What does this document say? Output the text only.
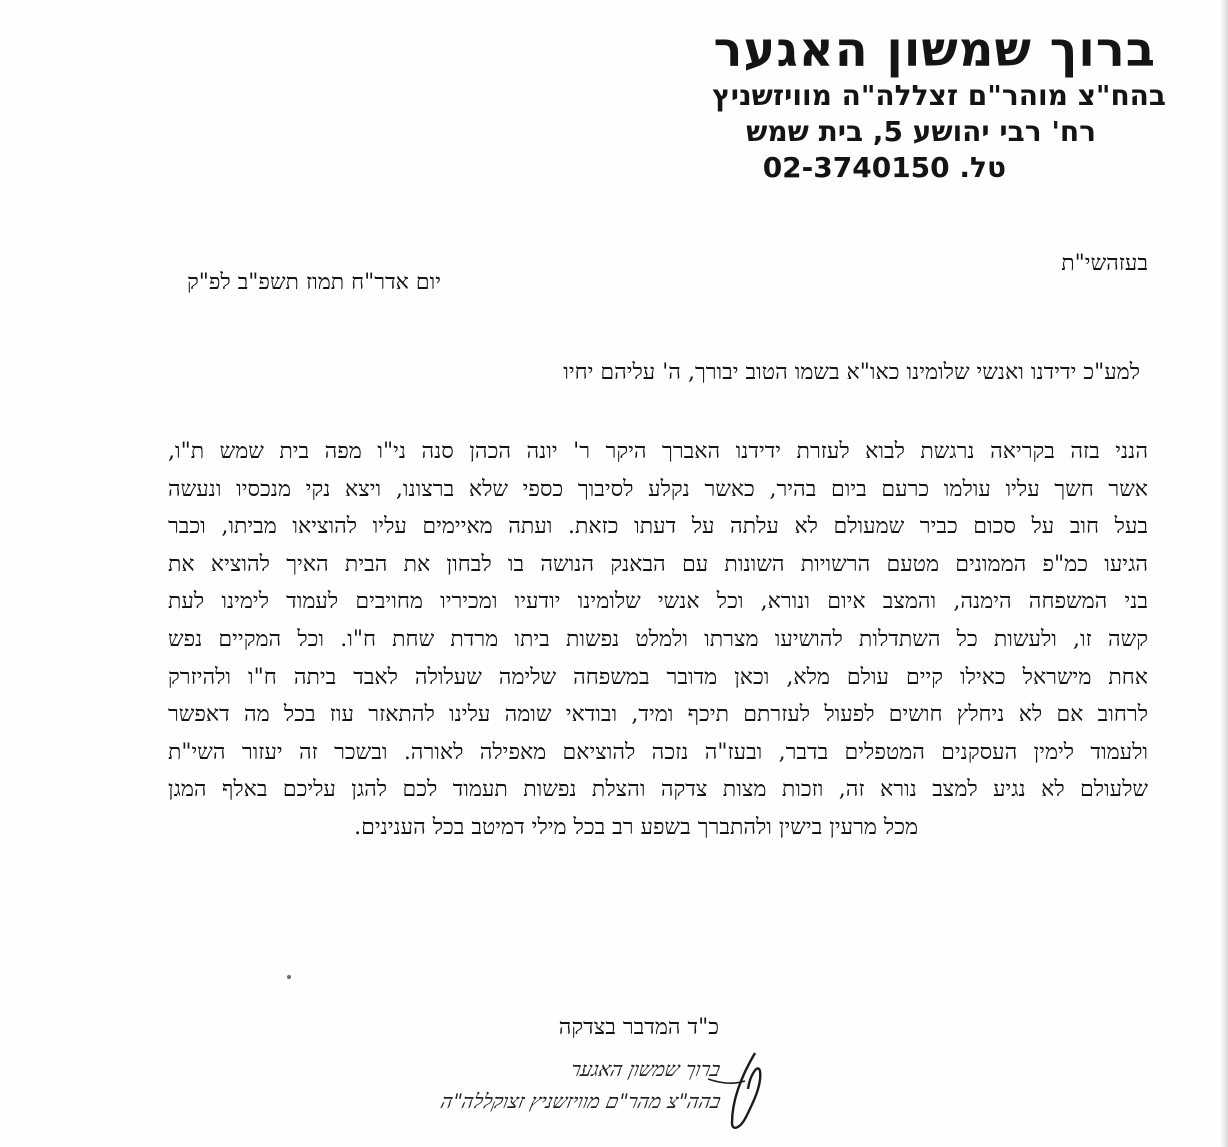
ברוך שמשון האגער
בהח"צ מוהר"ם זצללה"ה מוויזשניץ
רח' רבי יהושע 5, בית שמש
טל. 02-3740150
בעזהשי"ת
יום אדר"ח תמוז תשפ"ב לפ"ק
למע"כ ידידנו ואנשי שלומינו כאו"א בשמו הטוב יבורך, ה' עליהם יחיו
הנני בזה בקריאה נרגשת לבוא לעזרת ידידנו האברך היקר ר' יונה הכהן סנה ני"ו מפה בית שמש ת"ו,
אשר חשך עליו עולמו כרעם ביום בהיר, כאשר נקלע לסיבוך כספי שלא ברצונו, ויצא נקי מנכסיו ונעשה
בעל חוב על סכום כביר שמעולם לא עלתה על דעתו כזאת. ועתה מאיימים עליו להוציאו מביתו, וכבר
הגיעו כמ"פ הממונים מטעם הרשויות השונות עם הבאנק הנושה בו לבחון את הבית האיך להוציא את
בני המשפחה הימנה, והמצב איום ונורא, וכל אנשי שלומינו יודעיו ומכיריו מחויבים לעמוד לימינו לעת
קשה זו, ולעשות כל השתדלות להושיעו מצרתו ולמלט נפשות ביתו מרדת שחת ח"ו. וכל המקיים נפש
אחת מישראל כאילו קיים עולם מלא, וכאן מדובר במשפחה שלימה שעלולה לאבד ביתה ח"ו ולהיזרק
לרחוב אם לא ניחלץ חושים לפעול לעזרתם תיכף ומיד, ובודאי שומה עלינו להתאזר עוז בכל מה דאפשר
ולעמוד לימין העסקנים המטפלים בדבר, ובעז"ה נזכה להוציאם מאפילה לאורה. ובשכר זה יעזור השי"ת
שלעולם לא נגיע למצב נורא זה, וזכות מצות צדקה והצלת נפשות תעמוד לכם להגן עליכם באלף המגן
מכל מרעין בישין ולהתברך בשפע רב בכל מילי דמיטב בכל הענינים.
כ"ד המדבר בצדקה
ברוך שמשון האגער
בהה"צ מהר"ם מוויזשניץ זצוקללה"ה
